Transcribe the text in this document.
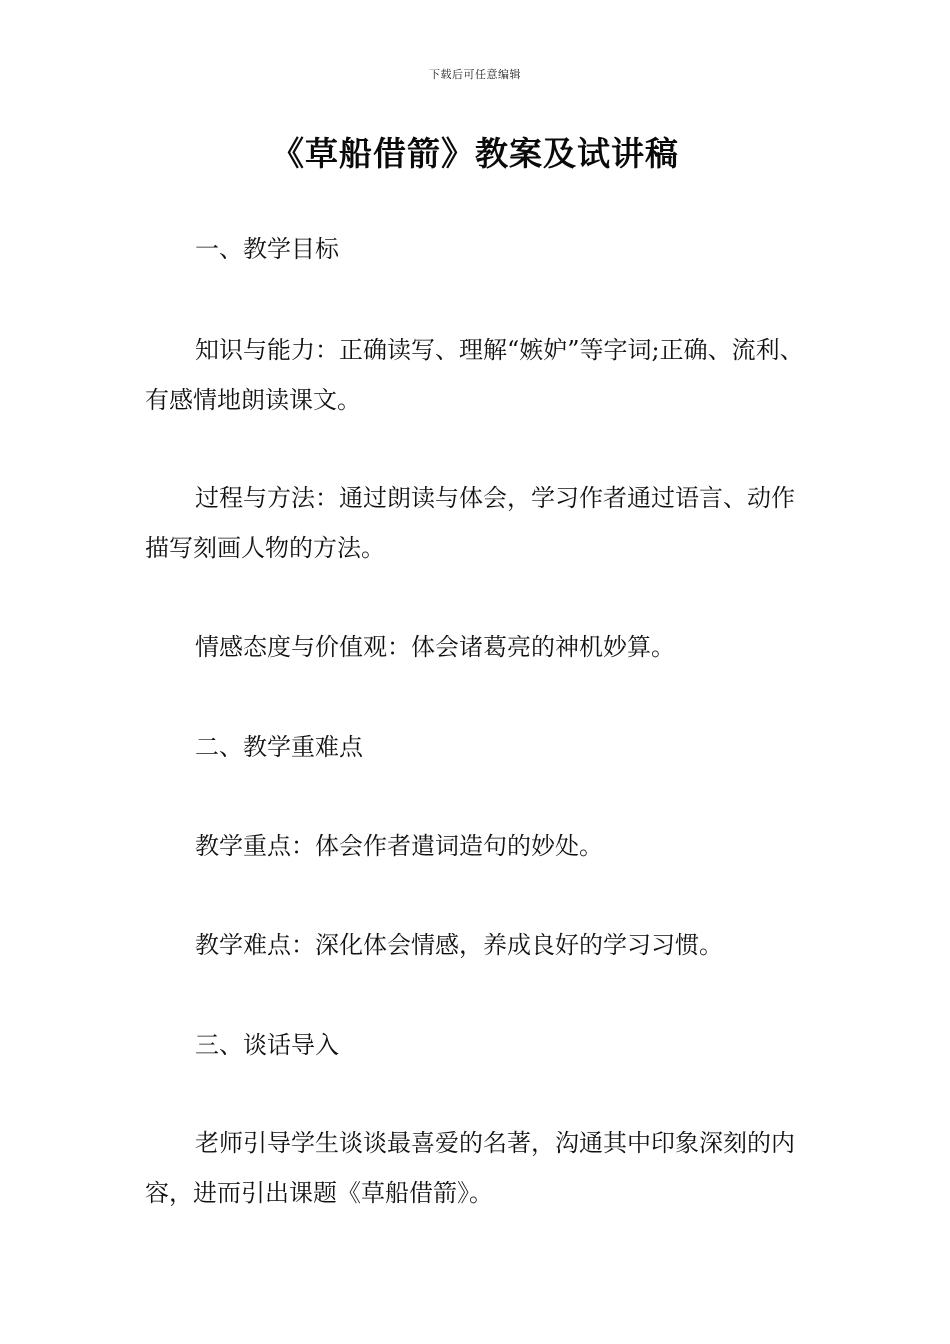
下载后可任意编辑
《草船借箭》教案及试讲稿

一、教学目标

知识与能力：正确读写、理解“嫉妒”等字词;正确、流利、有感情地朗读课文。

过程与方法：通过朗读与体会，学习作者通过语言、动作描写刻画人物的方法。

情感态度与价值观：体会诸葛亮的神机妙算。

二、教学重难点

教学重点：体会作者遣词造句的妙处。

教学难点：深化体会情感，养成良好的学习习惯。

三、谈话导入

老师引导学生谈谈最喜爱的名著，沟通其中印象深刻的内容，进而引出课题《草船借箭》。
